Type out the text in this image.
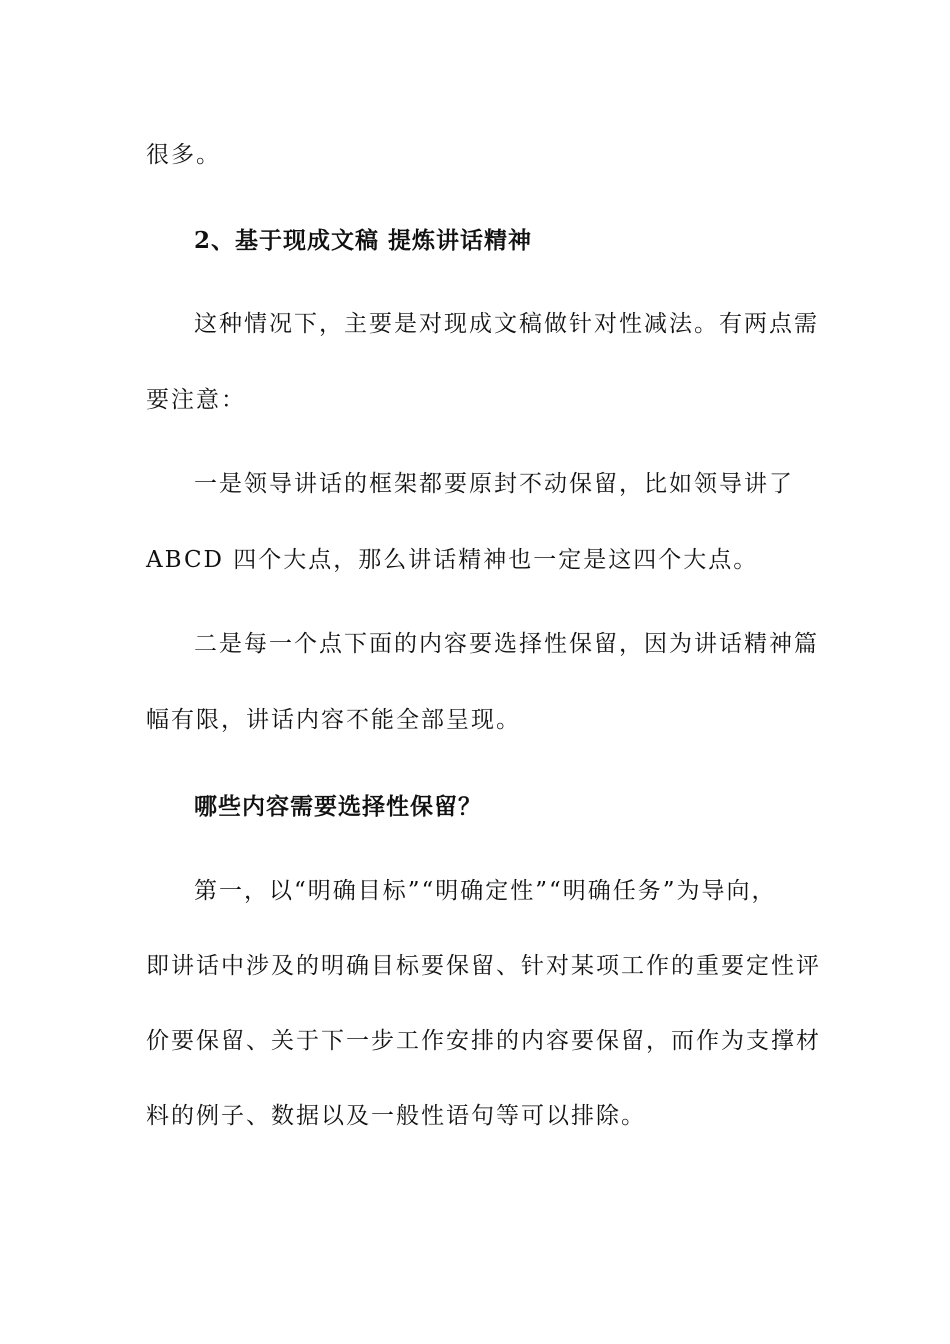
很多。
2、基于现成文稿 提炼讲话精神
这种情况下，主要是对现成文稿做针对性减法。有两点需
要注意：
一是领导讲话的框架都要原封不动保留，比如领导讲了
ABCD 四个大点，那么讲话精神也一定是这四个大点。
二是每一个点下面的内容要选择性保留，因为讲话精神篇
幅有限，讲话内容不能全部呈现。
哪些内容需要选择性保留？
第一，以“明确目标”“明确定性”“明确任务”为导向，
即讲话中涉及的明确目标要保留、针对某项工作的重要定性评
价要保留、关于下一步工作安排的内容要保留，而作为支撑材
料的例子、数据以及一般性语句等可以排除。
